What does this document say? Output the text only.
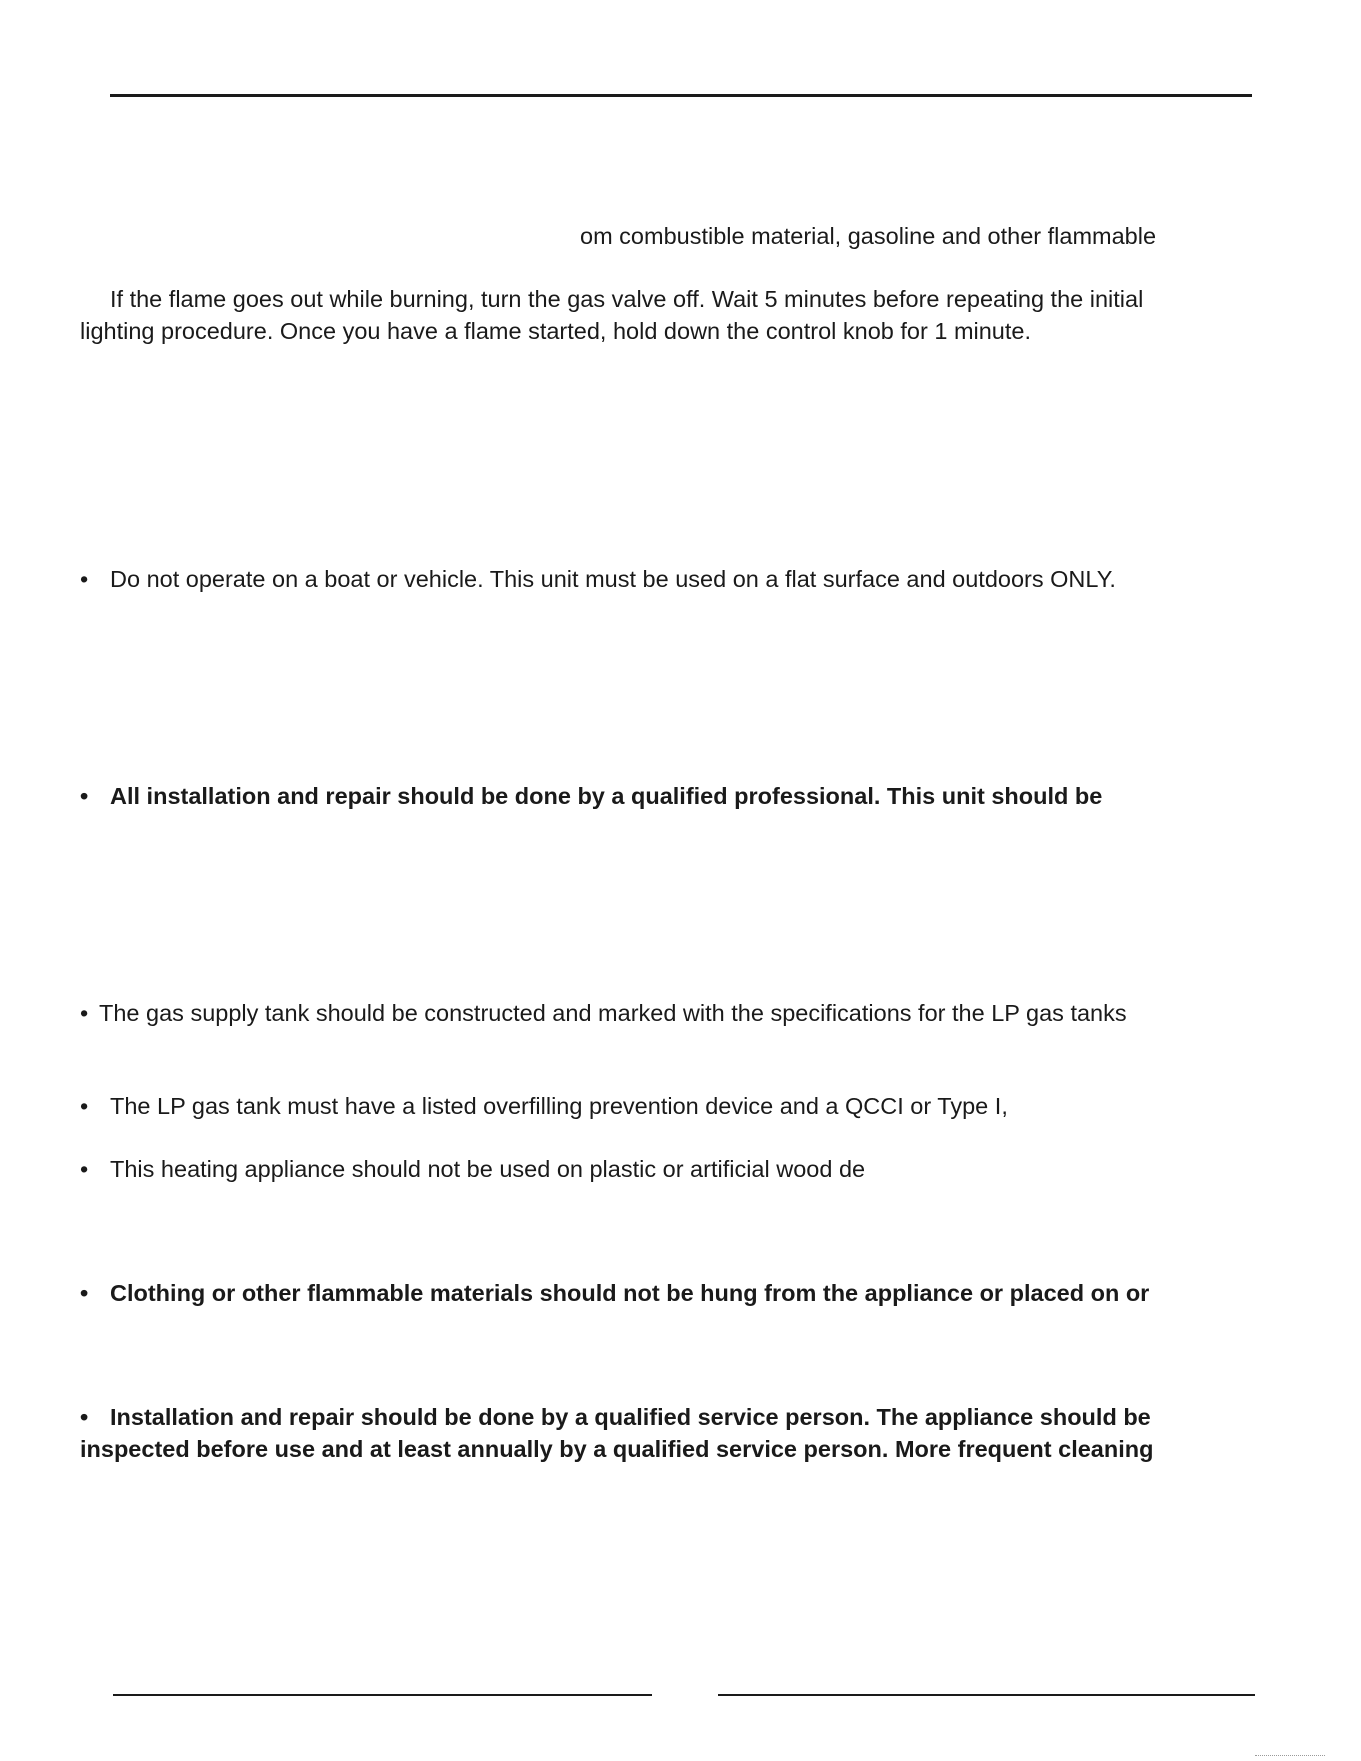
om combustible material, gasoline and other flammable

If the flame goes out while burning, turn the gas valve off. Wait 5 minutes before repeating the initial

lighting procedure. Once you have a flame started, hold down the control knob for 1 minute.

• Do not operate on a boat or vehicle. This unit must be used on a flat surface and outdoors ONLY.

• All installation and repair should be done by a qualified professional. This unit should be

• The gas supply tank should be constructed and marked with the specifications for the LP gas tanks

• The LP gas tank must have a listed overfilling prevention device and a QCCI or Type I,

• This heating appliance should not be used on plastic or artificial wood de

• Clothing or other flammable materials should not be hung from the appliance or placed on or

• Installation and repair should be done by a qualified service person. The appliance should be

inspected before use and at least annually by a qualified service person. More frequent cleaning
